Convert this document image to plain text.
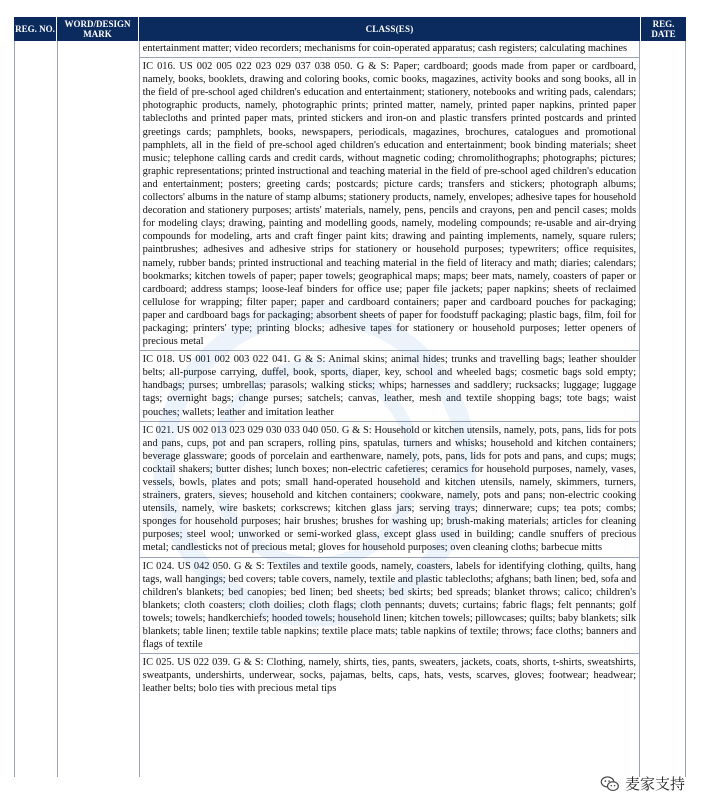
REG. NO.	WORD/DESIGN MARK	CLASS(ES)	REG. DATE
entertainment matter; video recorders; mechanisms for coin-operated apparatus; cash registers; calculating machines
IC 016. US 002 005 022 023 029 037 038 050. G & S: Paper; cardboard; goods made from paper or cardboard, namely, books, booklets, drawing and coloring books, comic books, magazines, activity books and song books, all in the field of pre-school aged children's education and entertainment; stationery, notebooks and writing pads, calendars; photographic products, namely, photographic prints; printed matter, namely, printed paper napkins, printed paper tablecloths and printed paper mats, printed stickers and iron-on and plastic transfers printed postcards and printed greetings cards; pamphlets, books, newspapers, periodicals, magazines, brochures, catalogues and promotional pamphlets, all in the field of pre-school aged children's education and entertainment; book binding materials; sheet music; telephone calling cards and credit cards, without magnetic coding; chromolithographs; photographs; pictures; graphic representations; printed instructional and teaching material in the field of pre-school aged children's education and entertainment; posters; greeting cards; postcards; picture cards; transfers and stickers; photograph albums; collectors' albums in the nature of stamp albums; stationery products, namely, envelopes; adhesive tapes for household decoration and stationery purposes; artists' materials, namely, pens, pencils and crayons, pen and pencil cases; molds for modeling clays; drawing, painting and modelling goods, namely, modeling compounds; re-usable and air-drying compounds for modeling, arts and craft finger paint kits; drawing and painting implements, namely, square rulers; paintbrushes; adhesives and adhesive strips for stationery or household purposes; typewriters; office requisites, namely, rubber bands; printed instructional and teaching material in the field of literacy and math; diaries; calendars; bookmarks; kitchen towels of paper; paper towels; geographical maps; maps; beer mats, namely, coasters of paper or cardboard; address stamps; loose-leaf binders for office use; paper file jackets; paper napkins; sheets of reclaimed cellulose for wrapping; filter paper; paper and cardboard containers; paper and cardboard pouches for packaging; paper and cardboard bags for packaging; absorbent sheets of paper for foodstuff packaging; plastic bags, film, foil for packaging; printers' type; printing blocks; adhesive tapes for stationery or household purposes; letter openers of precious metal
IC 018. US 001 002 003 022 041. G & S: Animal skins; animal hides; trunks and travelling bags; leather shoulder belts; all-purpose carrying, duffel, book, sports, diaper, key, school and wheeled bags; cosmetic bags sold empty; handbags; purses; umbrellas; parasols; walking sticks; whips; harnesses and saddlery; rucksacks; luggage; luggage tags; overnight bags; change purses; satchels; canvas, leather, mesh and textile shopping bags; tote bags; waist pouches; wallets; leather and imitation leather
IC 021. US 002 013 023 029 030 033 040 050. G & S: Household or kitchen utensils, namely, pots, pans, lids for pots and pans, cups, pot and pan scrapers, rolling pins, spatulas, turners and whisks; household and kitchen containers; beverage glassware; goods of porcelain and earthenware, namely, pots, pans, lids for pots and pans, and cups; mugs; cocktail shakers; butter dishes; lunch boxes; non-electric cafetieres; ceramics for household purposes, namely, vases, vessels, bowls, plates and pots; small hand-operated household and kitchen utensils, namely, skimmers, turners, strainers, graters, sieves; household and kitchen containers; cookware, namely, pots and pans; non-electric cooking utensils, namely, wire baskets; corkscrews; kitchen glass jars; serving trays; dinnerware; cups; tea pots; combs; sponges for household purposes; hair brushes; brushes for washing up; brush-making materials; articles for cleaning purposes; steel wool; unworked or semi-worked glass, except glass used in building; candle snuffers of precious metal; candlesticks not of precious metal; gloves for household purposes; oven cleaning cloths; barbecue mitts
IC 024. US 042 050. G & S: Textiles and textile goods, namely, coasters, labels for identifying clothing, quilts, hang tags, wall hangings; bed covers; table covers, namely, textile and plastic tablecloths; afghans; bath linen; bed, sofa and children's blankets; bed canopies; bed linen; bed sheets; bed skirts; bed spreads; blanket throws; calico; children's blankets; cloth coasters; cloth doilies; cloth flags; cloth pennants; duvets; curtains; fabric flags; felt pennants; golf towels; towels; handkerchiefs; hooded towels; household linen; kitchen towels; pillowcases; quilts; baby blankets; silk blankets; table linen; textile table napkins; textile place mats; table napkins of textile; throws; face cloths; banners and flags of textile
IC 025. US 022 039. G & S: Clothing, namely, shirts, ties, pants, sweaters, jackets, coats, shorts, t-shirts, sweatshirts, sweatpants, undershirts, underwear, socks, pajamas, belts, caps, hats, vests, scarves, gloves; footwear; headwear; leather belts; bolo ties with precious metal tips
麦家支持
